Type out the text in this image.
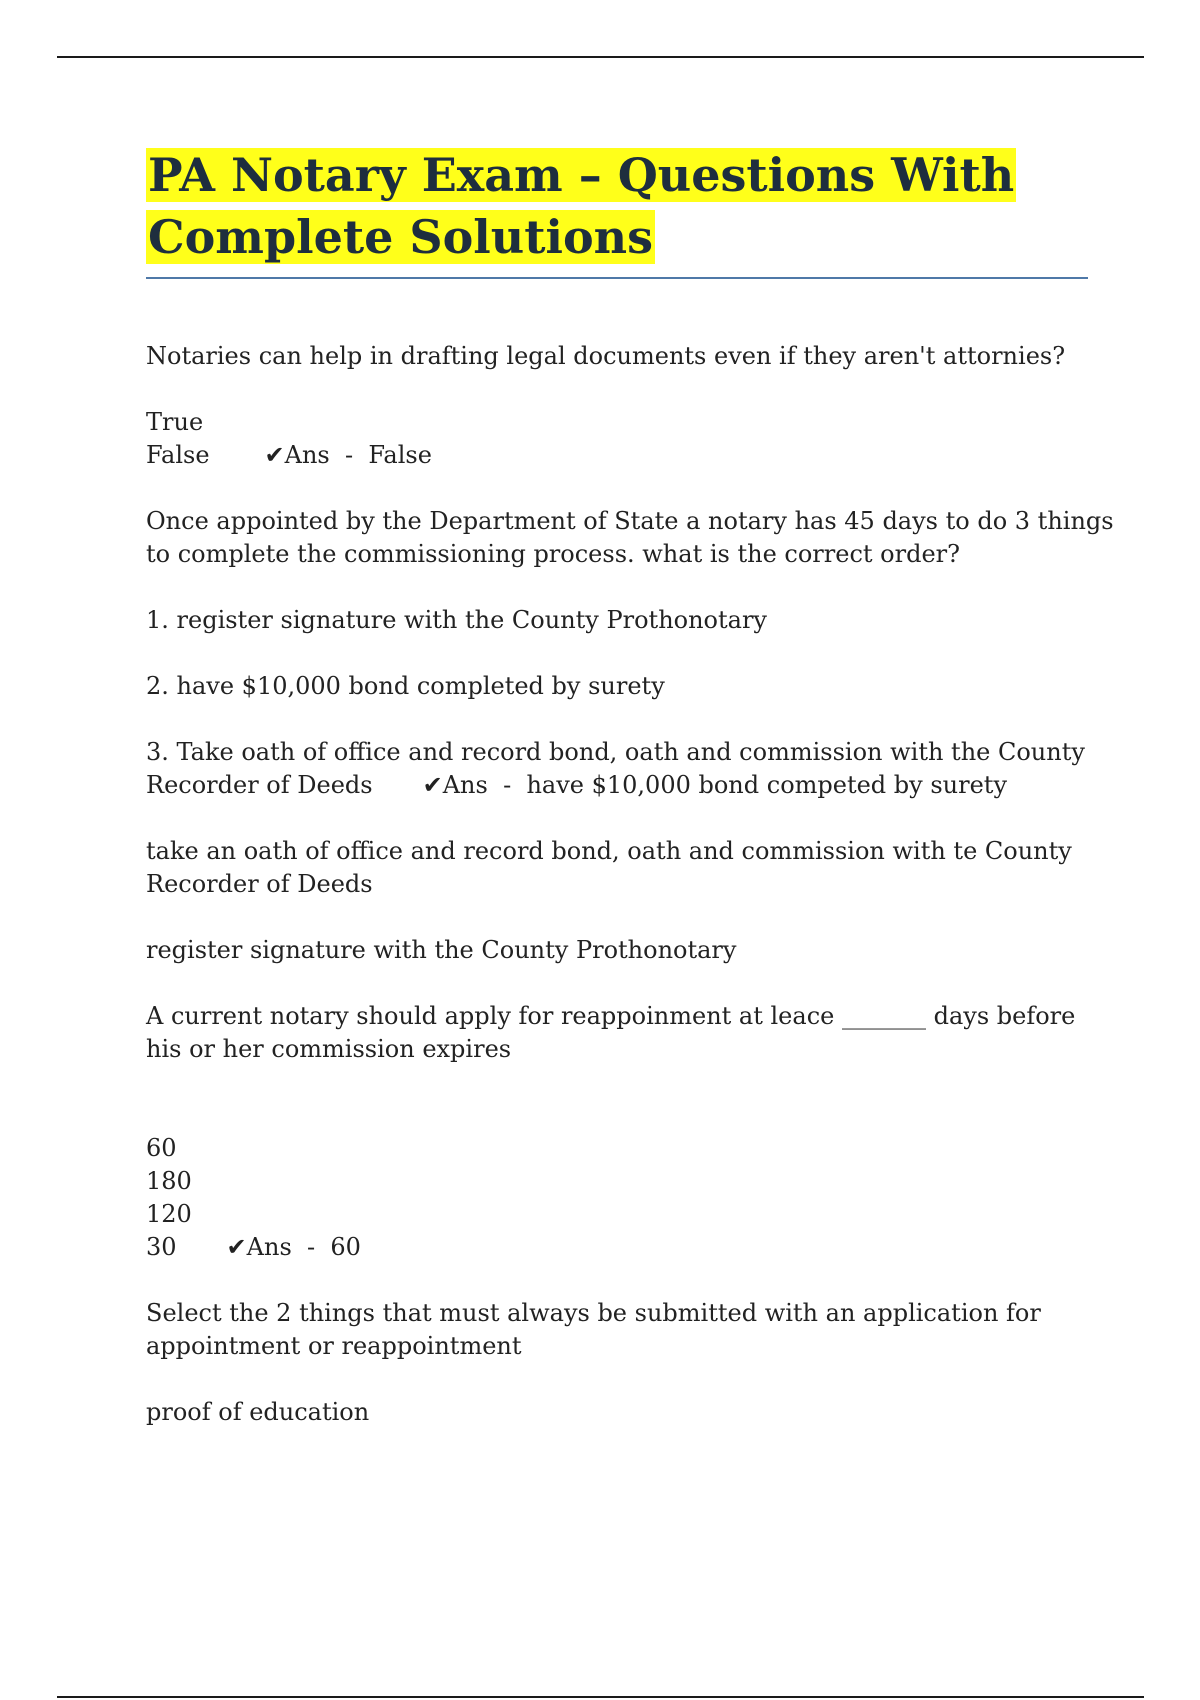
PA Notary Exam – Questions With
Complete Solutions
Notaries can help in drafting legal documents even if they aren't attornies?
True
False ✔Ans - False
Once appointed by the Department of State a notary has 45 days to do 3 things
to complete the commissioning process. what is the correct order?
1. register signature with the County Prothonotary
2. have $10,000 bond completed by surety
3. Take oath of office and record bond, oath and commission with the County
Recorder of Deeds ✔Ans - have $10,000 bond competed by surety
take an oath of office and record bond, oath and commission with te County
Recorder of Deeds
register signature with the County Prothonotary
A current notary should apply for reappoinment at leace _______ days before
his or her commission expires
60
180
120
30 ✔Ans - 60
Select the 2 things that must always be submitted with an application for
appointment or reappointment
proof of education
